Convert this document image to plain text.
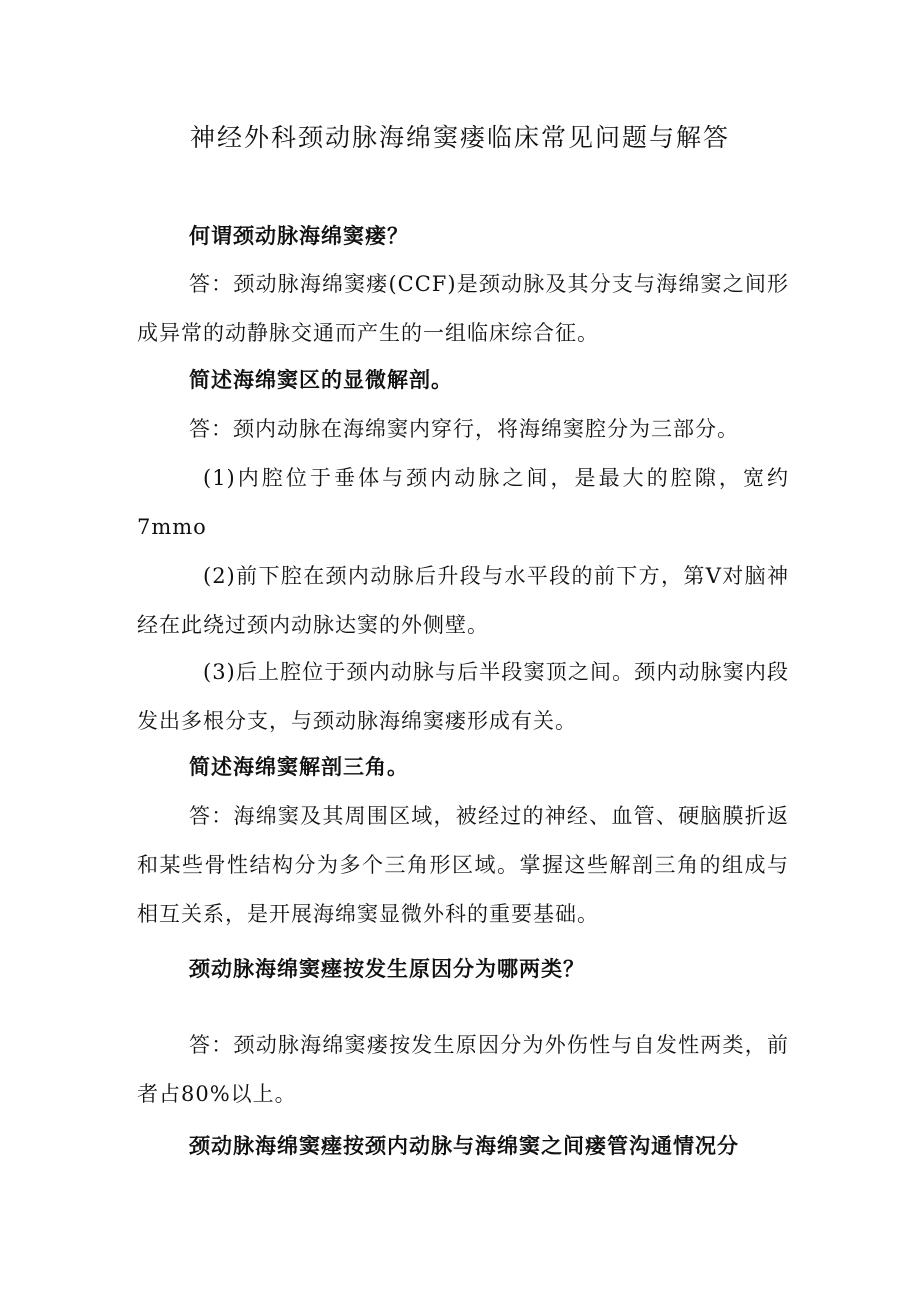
神经外科颈动脉海绵窦瘘临床常见问题与解答

何谓颈动脉海绵窦瘘？

答：颈动脉海绵窦瘘(CCF)是颈动脉及其分支与海绵窦之间形成异常的动静脉交通而产生的一组临床综合征。

简述海绵窦区的显微解剖。

答：颈内动脉在海绵窦内穿行，将海绵窦腔分为三部分。

(1)内腔位于垂体与颈内动脉之间，是最大的腔隙，宽约7mmo

(2)前下腔在颈内动脉后升段与水平段的前下方，第V对脑神经在此绕过颈内动脉达窦的外侧壁。

(3)后上腔位于颈内动脉与后半段窦顶之间。颈内动脉窦内段发出多根分支，与颈动脉海绵窦瘘形成有关。

简述海绵窦解剖三角。

答：海绵窦及其周围区域，被经过的神经、血管、硬脑膜折返和某些骨性结构分为多个三角形区域。掌握这些解剖三角的组成与相互关系，是开展海绵窦显微外科的重要基础。

颈动脉海绵窦瘗按发生原因分为哪两类？

答：颈动脉海绵窦瘘按发生原因分为外伤性与自发性两类，前者占80%以上。

颈动脉海绵窦瘗按颈内动脉与海绵窦之间瘘管沟通情况分
